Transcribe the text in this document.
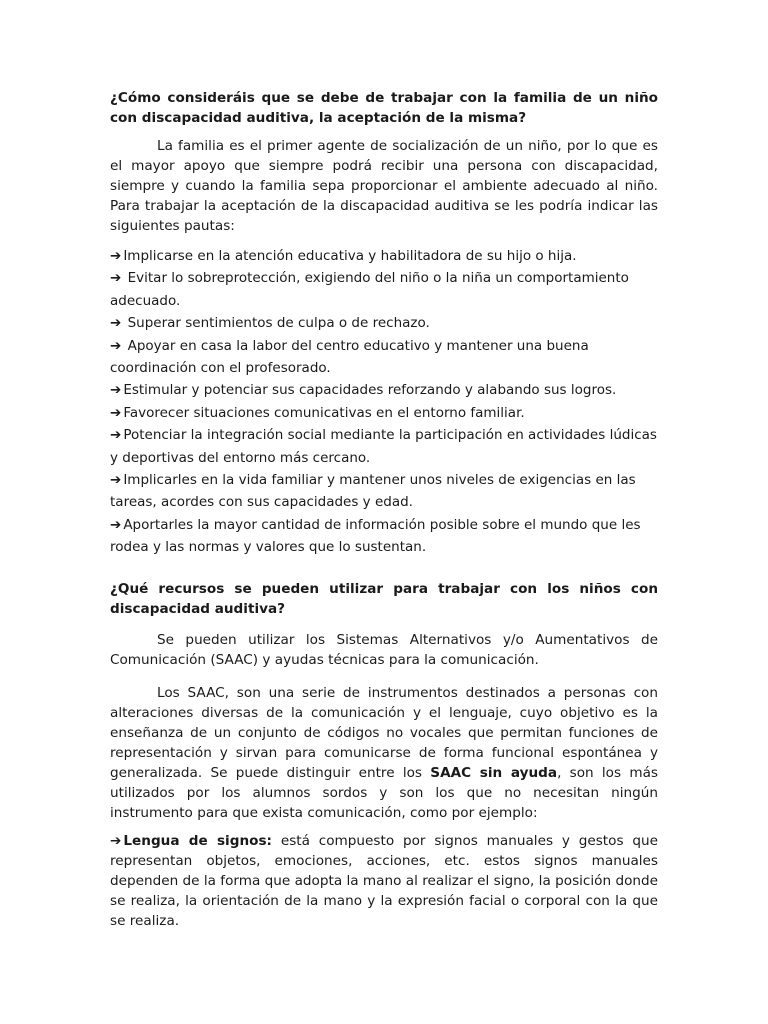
¿Cómo consideráis que se debe de trabajar con la familia de un niño con discapacidad auditiva, la aceptación de la misma?

La familia es el primer agente de socialización de un niño, por lo que es el mayor apoyo que siempre podrá recibir una persona con discapacidad, siempre y cuando la familia sepa proporcionar el ambiente adecuado al niño. Para trabajar la aceptación de la discapacidad auditiva se les podría indicar las siguientes pautas:

➔ Implicarse en la atención educativa y habilitadora de su hijo o hija.
➔ Evitar lo sobreprotección, exigiendo del niño o la niña un comportamiento adecuado.
➔ Superar sentimientos de culpa o de rechazo.
➔ Apoyar en casa la labor del centro educativo y mantener una buena coordinación con el profesorado.
➔ Estimular y potenciar sus capacidades reforzando y alabando sus logros.
➔ Favorecer situaciones comunicativas en el entorno familiar.
➔ Potenciar la integración social mediante la participación en actividades lúdicas y deportivas del entorno más cercano.
➔ Implicarles en la vida familiar y mantener unos niveles de exigencias en las tareas, acordes con sus capacidades y edad.
➔ Aportarles la mayor cantidad de información posible sobre el mundo que les rodea y las normas y valores que lo sustentan.

¿Qué recursos se pueden utilizar para trabajar con los niños con discapacidad auditiva?

Se pueden utilizar los Sistemas Alternativos y/o Aumentativos de Comunicación (SAAC) y ayudas técnicas para la comunicación.

Los SAAC, son una serie de instrumentos destinados a personas con alteraciones diversas de la comunicación y el lenguaje, cuyo objetivo es la enseñanza de un conjunto de códigos no vocales que permitan funciones de representación y sirvan para comunicarse de forma funcional espontánea y generalizada. Se puede distinguir entre los SAAC sin ayuda, son los más utilizados por los alumnos sordos y son los que no necesitan ningún instrumento para que exista comunicación, como por ejemplo:

➔ Lengua de signos: está compuesto por signos manuales y gestos que representan objetos, emociones, acciones, etc. estos signos manuales dependen de la forma que adopta la mano al realizar el signo, la posición donde se realiza, la orientación de la mano y la expresión facial o corporal con la que se realiza.
